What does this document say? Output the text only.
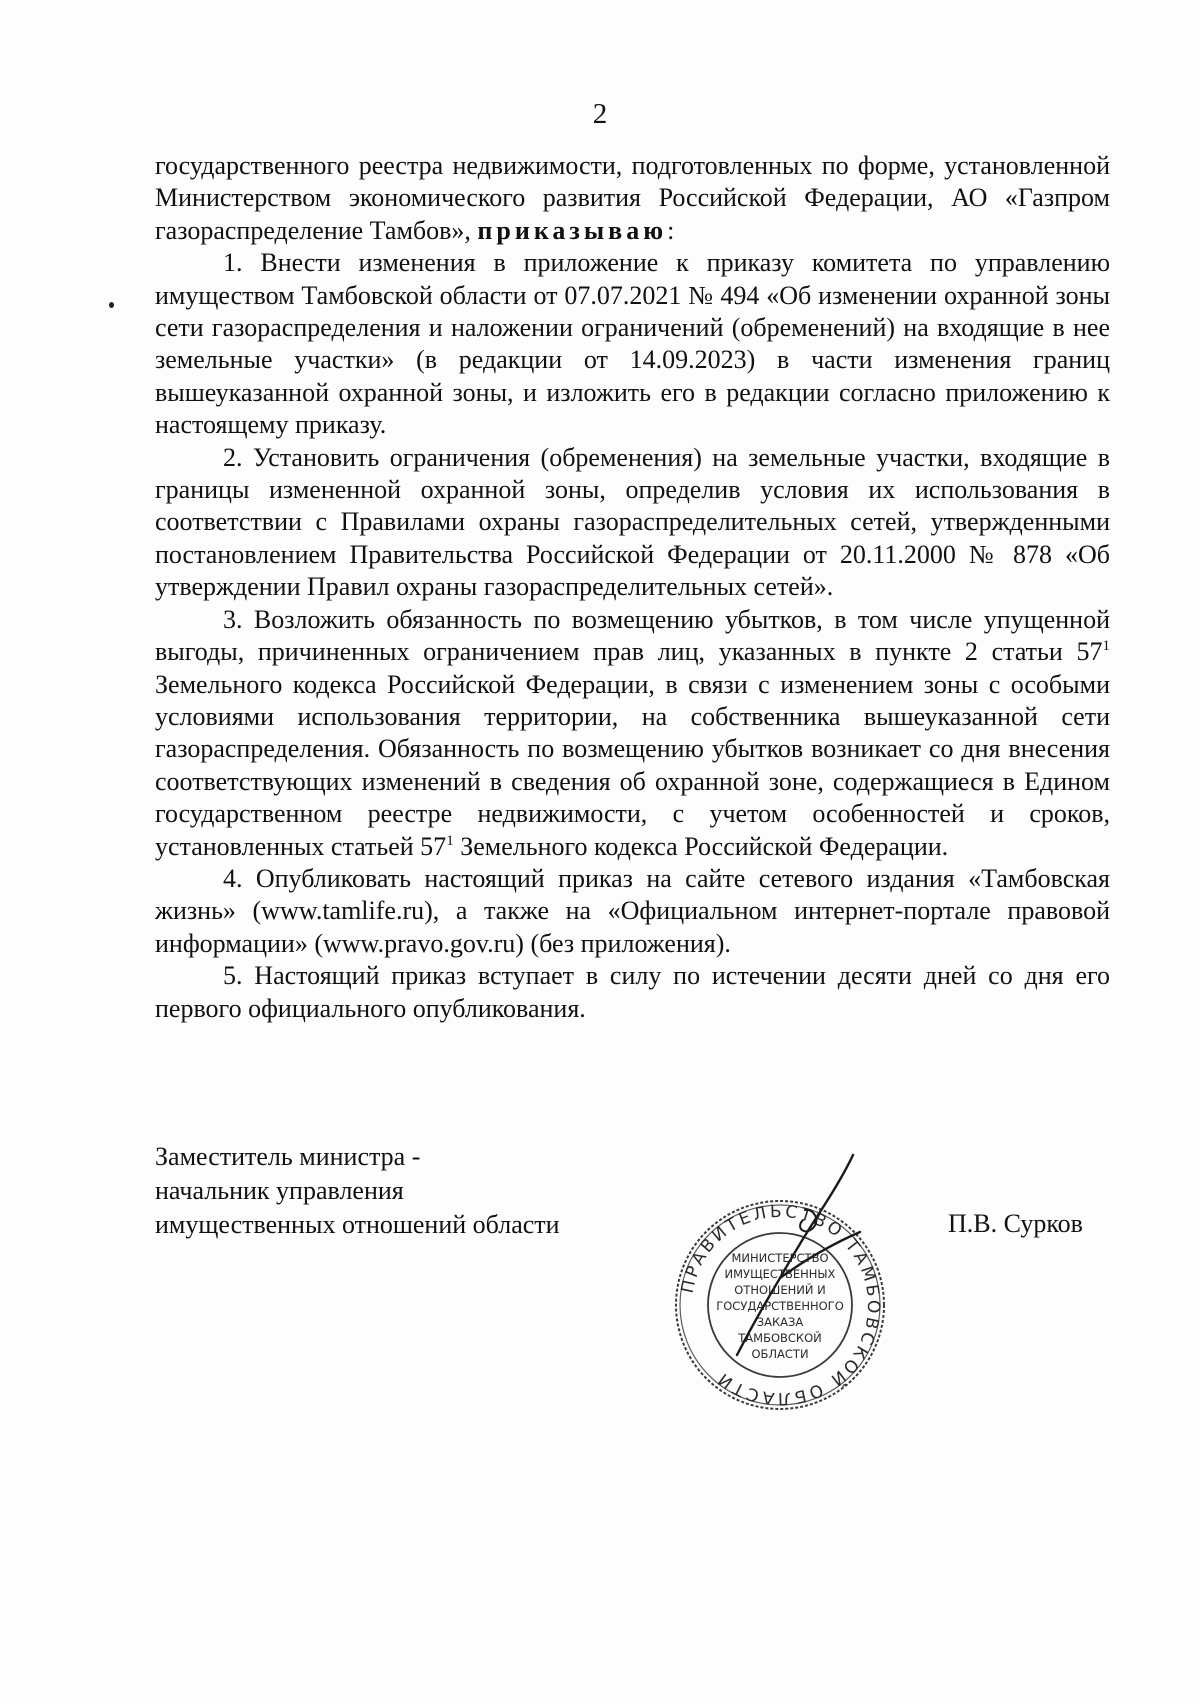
2

государственного реестра недвижимости, подготовленных по форме, установленной Министерством экономического развития Российской Федерации, АО «Газпром газораспределение Тамбов», приказываю:

1. Внести изменения в приложение к приказу комитета по управлению имуществом Тамбовской области от 07.07.2021 № 494 «Об изменении охранной зоны сети газораспределения и наложении ограничений (обременений) на входящие в нее земельные участки» (в редакции от 14.09.2023) в части изменения границ вышеуказанной охранной зоны, и изложить его в редакции согласно приложению к настоящему приказу.

2. Установить ограничения (обременения) на земельные участки, входящие в границы измененной охранной зоны, определив условия их использования в соответствии с Правилами охраны газораспределительных сетей, утвержденными постановлением Правительства Российской Федерации от 20.11.2000 № 878 «Об утверждении Правил охраны газораспределительных сетей».

3. Возложить обязанность по возмещению убытков, в том числе упущенной выгоды, причиненных ограничением прав лиц, указанных в пункте 2 статьи $57^1$ Земельного кодекса Российской Федерации, в связи с изменением зоны с особыми условиями использования территории, на собственника вышеуказанной сети газораспределения. Обязанность по возмещению убытков возникает со дня внесения соответствующих изменений в сведения об охранной зоне, содержащиеся в Едином государственном реестре недвижимости, с учетом особенностей и сроков, установленных статьей $57^1$ Земельного кодекса Российской Федерации.

4. Опубликовать настоящий приказ на сайте сетевого издания «Тамбовская жизнь» (www.tamlife.ru), а также на «Официальном интернет-портале правовой информации» (www.pravo.gov.ru) (без приложения).

5. Настоящий приказ вступает в силу по истечении десяти дней со дня его первого официального опубликования.

Заместитель министра -
начальник управления
имущественных отношений области
ПРАВИТЕЛЬСТВО ТАМБОВСКОЙ ОБЛАСТИ
МИНИСТЕРСТВО
ИМУЩЕСТВЕННЫХ
ОТНОШЕНИЙ И
ГОСУДАРСТВЕННОГО
ЗАКАЗА
ТАМБОВСКОЙ
ОБЛАСТИ
П.В. Сурков
